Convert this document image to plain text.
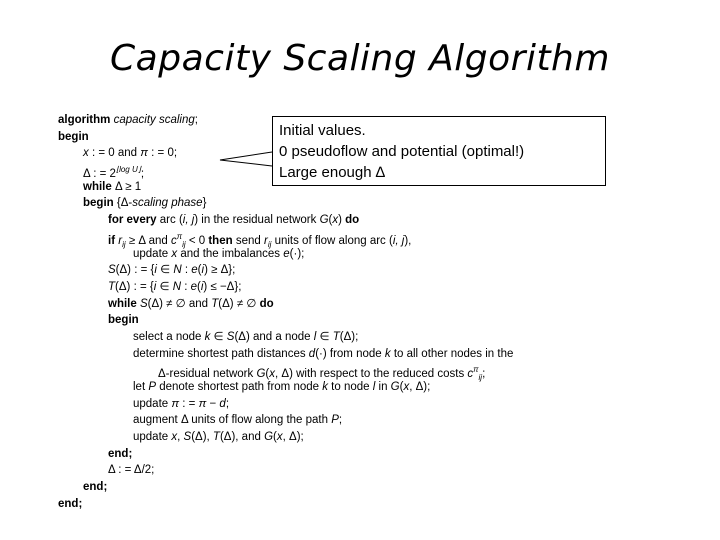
Capacity Scaling Algorithm
algorithm capacity scaling;
begin
x : = 0 and π : = 0;
Δ : = $2^{⌊log U⌋}$;
while Δ ≥ 1
begin {Δ-scaling phase}
for every arc (i, j) in the residual network G(x) do
if $r_{ij} \ge \Delta$ and $c^\pi_{ij} < 0$ then send $r_{ij}$ units of flow along arc (i, j),
update x and the imbalances e(·);
S(Δ) : = {i ∈ N : e(i) ≥ Δ};
T(Δ) : = {i ∈ N : e(i) ≤ −Δ};
while S(Δ) ≠ ∅ and T(Δ) ≠ ∅ do
begin
select a node k ∈ S(Δ) and a node l ∈ T(Δ);
determine shortest path distances d(·) from node k to all other nodes in the
Δ-residual network G(x, Δ) with respect to the reduced costs $c^\pi_{ij}$;
let P denote shortest path from node k to node l in G(x, Δ);
update π : = π − d;
augment Δ units of flow along the path P;
update x, S(Δ), T(Δ), and G(x, Δ);
end;
Δ : = Δ/2;
end;
end;
Initial values.
0 pseudoflow and potential (optimal!)
Large enough ∆
